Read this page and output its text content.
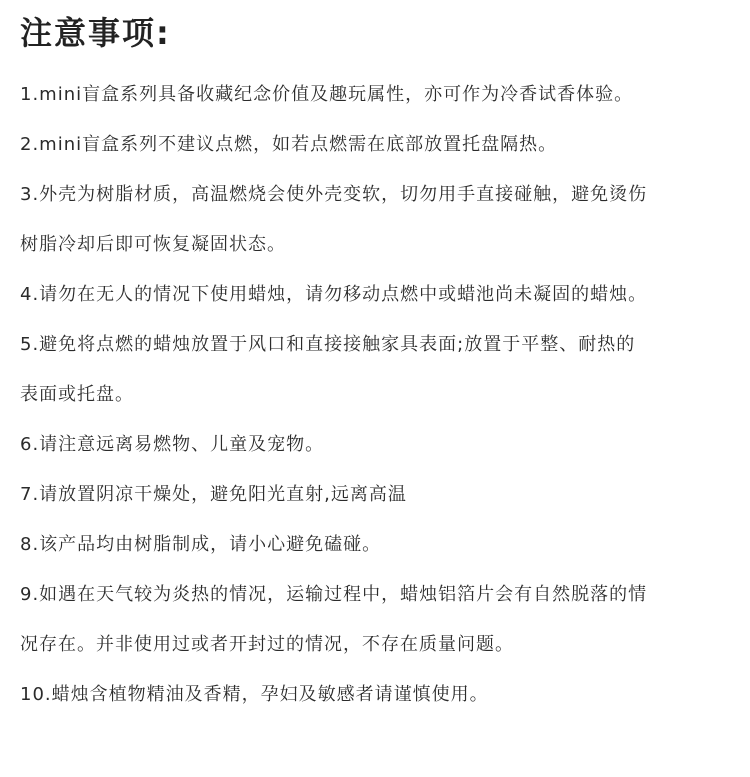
注意事项:
1.mini盲盒系列具备收藏纪念价值及趣玩属性，亦可作为冷香试香体验。
2.mini盲盒系列不建议点燃，如若点燃需在底部放置托盘隔热。
3.外壳为树脂材质，高温燃烧会使外壳变软，切勿用手直接碰触，避免烫伤
树脂冷却后即可恢复凝固状态。
4.请勿在无人的情况下使用蜡烛，请勿移动点燃中或蜡池尚未凝固的蜡烛。
5.避免将点燃的蜡烛放置于风口和直接接触家具表面;放置于平整、耐热的
表面或托盘。
6.请注意远离易燃物、儿童及宠物。
7.请放置阴凉干燥处，避免阳光直射,远离高温
8.该产品均由树脂制成，请小心避免磕碰。
9.如遇在天气较为炎热的情况，运输过程中，蜡烛铝箔片会有自然脱落的情
况存在。并非使用过或者开封过的情况，不存在质量问题。
10.蜡烛含植物精油及香精，孕妇及敏感者请谨慎使用。
